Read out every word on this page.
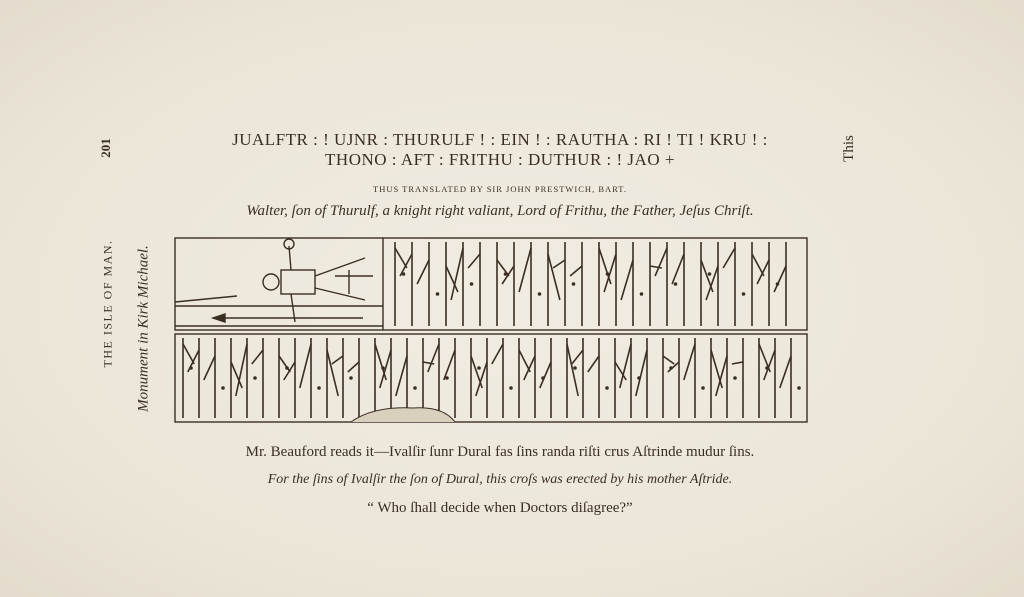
201
THE ISLE OF MAN. Monument in Kirk Michael.
This
JUALFTR : ! UJNR : THURULF ! : EIN ! : RAUTHA : RI ! TI ! KRU ! :
THONO : AFT : FRITHU : DUTHUR : ! JAO +
THUS TRANSLATED BY SIR JOHN PRESTWICH, BART.
Walter, ſon of Thurulf, a knight right valiant, Lord of Frithu, the Father, Jeſus Chriſt.
Mr. Beauford reads it—Ivalſir ſunr Dural fas ſins randa riſti crus Aſtrinde mudur ſins.
For the ſins of Ivalſir the ſon of Dural, this croſs was erected by his mother Aſtride.
“ Who ſhall decide when Doctors diſagree?”
